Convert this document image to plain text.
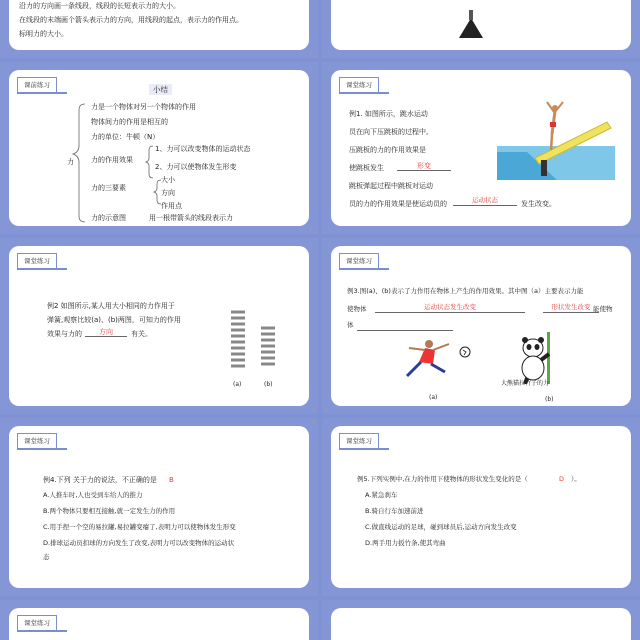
沿力的方向画一条线段，线段的长短表示力的大小。
在线段的末端画个箭头表示力的方向，用线段的起点，表示力的作用点。
标明力的大小。
课前练习	小结
力
力是一个物体对另一个物体的作用
物体间力的作用是相互的
力的单位：牛顿（N）
力的作用效果
1、力可以改变物体的运动状态
2、力可以使物体发生形变
力的三要素
大小
方向
作用点
力的示意图	用一根带箭头的线段表示力
课堂练习
例1. 如图所示，跳水运动
员在向下压跳板的过程中,
压跳板的力的作用效果是
使跳板发生	形变
跳板弹起过程中跳板对运动
员的力的作用效果是使运动员的	运动状态	发生改变。
课堂练习
例2 如图所示,某人用大小相同的力作用于
弹簧,观察比较(a)、(b)两图，可知力的作用
效果与力的	方向	有关。
(a)	(b)
课堂练习
例3.图(a)、(b)表示了力作用在物体上产生的作用效果。其中图（a）主要表示力能
使物体	运动状态发生改变	形状发生改变 能使物
体
(a)
大熊猫拉竹子的力
(b)
课堂练习
例4.下列 关于力的说法，不正确的是 B
A.人推车时,人也受到车给人的推力
B.两个物体只要相互接触,就一定发生力的作用
C.用手捏一个空的易拉罐,易拉罐变瘪了,表明力可以使物体发生形变
D.排球运动员扣球的方向发生了改变,表明力可以改变物体的运动状
态
课堂练习
例5.下列实例中,在力的作用下使物体的形状发生变化的是（	D ）。
A.紧急刹车
B.骑自行车加速前进
C.做直线运动的足球，碰到球员后,运动方向发生改变
D.两手用力扳竹条,使其弯曲
课堂练习
